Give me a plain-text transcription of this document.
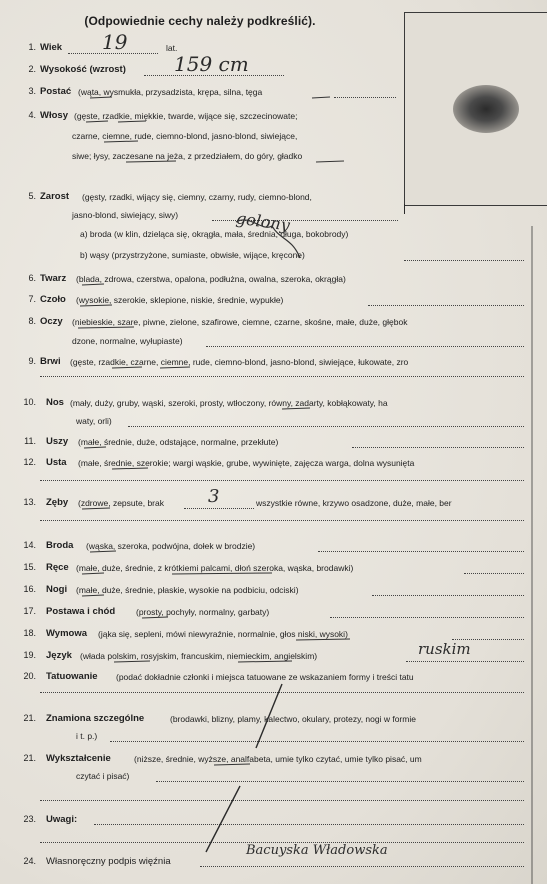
(Odpowiednie cechy należy podkreślić).
1. Wiek 19	lat.
2. Wysokość (wzrost) 159 cm
3. Postać (wąta, wysmukła, przysadzista, krępa, silna, tęga
4. Włosy (gęste, rzadkie, miękkie, twarde, wijące się, szczecinowate;
czarne, ciemne, rude, ciemno-blond, jasno-blond, siwiejące,
siwe; łysy, zaczesane na jeża, z przedziałem, do góry, gładko
5. Zarost (gęsty, rzadki, wijący się, ciemny, czarny, rudy, ciemno-blond,
jasno-blond, siwiejący, siwy)
a) broda (w klin, dzieląca się, okrągła, mała, średnia, długa, bokobrody)
b) wąsy (przystrzyżone, sumiaste, obwisłe, wijące, kręcone)
golony
6. Twarz (blada, zdrowa, czerstwa, opalona, podłużna, owalna, szeroka, okrągła)
7. Czoło (wysokie, szerokie, sklepione, niskie, średnie, wypukłe)
8. Oczy (niebieskie, szare, piwne, zielone, szafirowe, ciemne, czarne, skośne, małe, duże, głębok
dzone, normalne, wyłupiaste)
9. Brwi (gęste, rzadkie, czarne, ciemne, rude, ciemno-blond, jasno-blond, siwiejące, łukowate, zro
10. Nos (mały, duży, gruby, wąski, szeroki, prosty, wtłoczony, równy, zadarty, kobłąkowaty, ha
waty, orli)
11. Uszy (małe, średnie, duże, odstające, normalne, przekłute)
12. Usta (małe, średnie, szerokie; wargi wąskie, grube, wywinięte, zajęcza warga, dolna wysunięta
13. Zęby (zdrowe, zepsute, brak 3	wszystkie równe, krzywo osadzone, duże, małe, ber
14. Broda (wąska, szeroka, podwójna, dołek w brodzie)
15. Ręce (małe, duże, średnie, z krótkiemi palcami, dłoń szeroka, wąska, brodawki)
16. Nogi (małe, duże, średnie, płaskie, wysokie na podbiciu, odciski)
17. Postawa i chód (prosty, pochyły, normalny, garbaty)
18. Wymowa (jąka się, sepleni, mówi niewyraźnie, normalnie, głos niski, wysoki)
19. Język (włada polskim, rosyjskim, francuskim, niemieckim, angielskim)	ruskim
20. Tatuowanie (podać dokładnie członki i miejsca tatuowane ze wskazaniem formy i treści tatu
21. Znamiona szczególne	(brodawki, blizny, plamy, kalectwo, okulary, protezy, nogi w formie
i t. p.)
21. Wykształcenie	(niższe, średnie, wyższe, analfabeta, umie tylko czytać, umie tylko pisać, um
czytać i pisać)
23. Uwagi:
24. Własnoręczny podpis więźnia
Bacuyska Władowska
